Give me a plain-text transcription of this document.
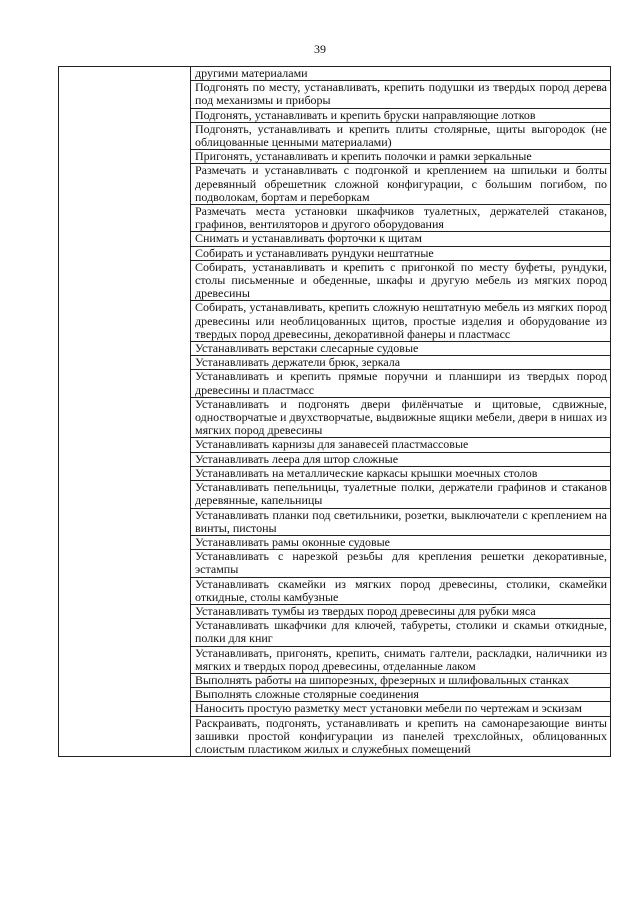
39
	другими материалами
Подгонять по месту, устанавливать, крепить подушки из твердых пород дерева под механизмы и приборы
Подгонять, устанавливать и крепить бруски направляющие лотков
Подгонять, устанавливать и крепить плиты столярные, щиты выгородок (не облицованные ценными материалами)
Пригонять, устанавливать и крепить полочки и рамки зеркальные
Размечать и устанавливать с подгонкой и креплением на шпильки и болты деревянный обрешетник сложной конфигурации, с большим погибом, по подволокам, бортам и переборкам
Размечать места установки шкафчиков туалетных, держателей стаканов, графинов, вентиляторов и другого оборудования
Снимать и устанавливать форточки к щитам
Собирать и устанавливать рундуки нештатные
Собирать, устанавливать и крепить с пригонкой по месту буфеты, рундуки, столы письменные и обеденные, шкафы и другую мебель из мягких пород древесины
Собирать, устанавливать, крепить сложную нештатную мебель из мягких пород древесины или необлицованных щитов, простые изделия и оборудование из твердых пород древесины, декоративной фанеры и пластмасс
Устанавливать верстаки слесарные судовые
Устанавливать держатели брюк, зеркала
Устанавливать и крепить прямые поручни и планшири из твердых пород древесины и пластмасс
Устанавливать и подгонять двери филёнчатые и щитовые, сдвижные, одностворчатые и двухстворчатые, выдвижные ящики мебели, двери в нишах из мягких пород древесины
Устанавливать карнизы для занавесей пластмассовые
Устанавливать леера для штор сложные
Устанавливать на металлические каркасы крышки моечных столов
Устанавливать пепельницы, туалетные полки, держатели графинов и стаканов деревянные, капельницы
Устанавливать планки под светильники, розетки, выключатели с креплением на винты, пистоны
Устанавливать рамы оконные судовые
Устанавливать с нарезкой резьбы для крепления решетки декоративные, эстампы
Устанавливать скамейки из мягких пород древесины, столики, скамейки откидные, столы камбузные
Устанавливать тумбы из твердых пород древесины для рубки мяса
Устанавливать шкафчики для ключей, табуреты, столики и скамьи откидные, полки для книг
Устанавливать, пригонять, крепить, снимать галтели, раскладки, наличники из мягких и твердых пород древесины, отделанные лаком
Выполнять работы на шипорезных, фрезерных и шлифовальных станках
Выполнять сложные столярные соединения
Наносить простую разметку мест установки мебели по чертежам и эскизам
Раскраивать, подгонять, устанавливать и крепить на самонарезающие винты зашивки простой конфигурации из панелей трехслойных, облицованных слоистым пластиком жилых и служебных помещений
